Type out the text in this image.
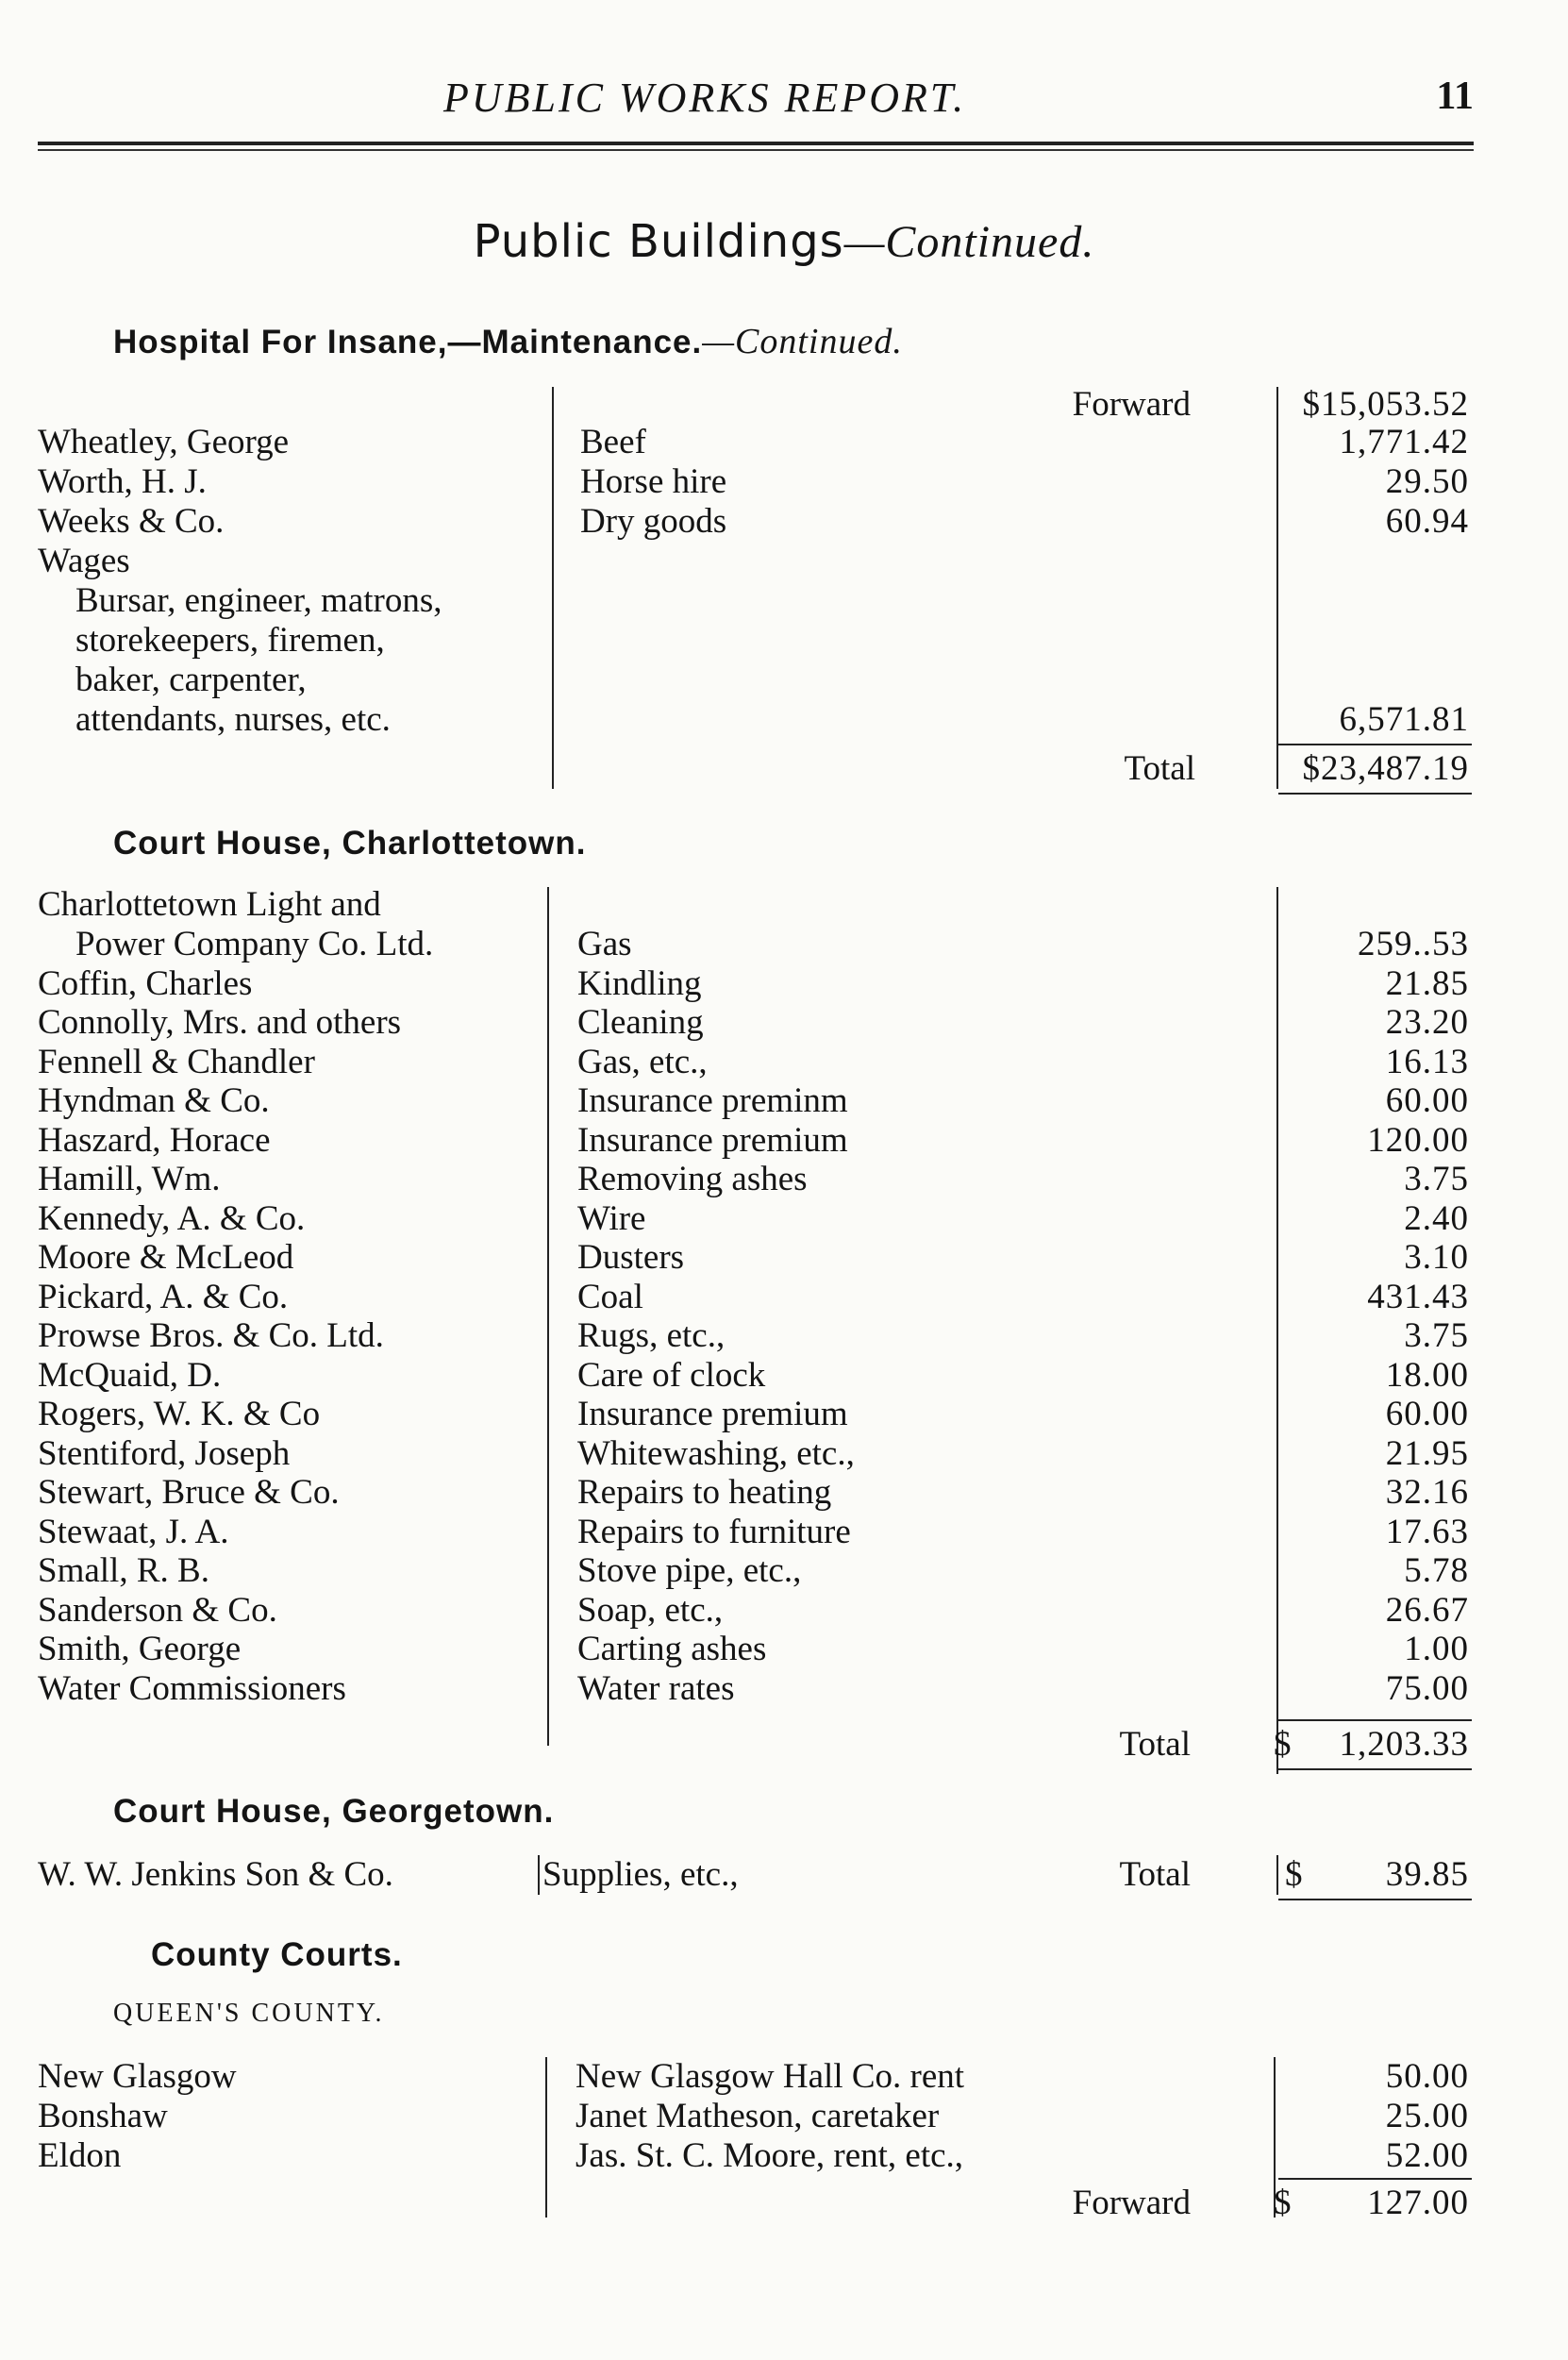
PUBLIC WORKS REPORT.	11
Public Buildings—Continued.
Hospital For Insane,—Maintenance.—Continued.
Forward	$15,053.52
Wheatley, George	Beef	1,771.42
Worth, H. J.	Horse hire	29.50
Weeks & Co.	Dry goods	60.94
Wages
Bursar, engineer, matrons,
storekeepers, firemen,
baker, carpenter,
attendants, nurses, etc.	6,571.81
Total	$23,487.19
Court House, Charlottetown.
Charlottetown Light and
Power Company Co. Ltd.	Gas	259..53
Coffin, Charles	Kindling	21.85
Connolly, Mrs. and others	Cleaning	23.20
Fennell & Chandler	Gas, etc.,	16.13
Hyndman & Co.	Insurance preminm	60.00
Haszard, Horace	Insurance premium	120.00
Hamill, Wm.	Removing ashes	3.75
Kennedy, A. & Co.	Wire	2.40
Moore & McLeod	Dusters	3.10
Pickard, A. & Co.	Coal	431.43
Prowse Bros. & Co. Ltd.	Rugs, etc.,	3.75
McQuaid, D.	Care of clock	18.00
Rogers, W. K. & Co	Insurance premium	60.00
Stentiford, Joseph	Whitewashing, etc.,	21.95
Stewart, Bruce & Co.	Repairs to heating	32.16
Stewaat, J. A.	Repairs to furniture	17.63
Small, R. B.	Stove pipe, etc.,	5.78
Sanderson & Co.	Soap, etc.,	26.67
Smith, George	Carting ashes	1.00
Water Commissioners	Water rates	75.00
Total $ 1,203.33
Court House, Georgetown.
W. W. Jenkins Son & Co.	Supplies, etc.,	Total	$ 39.85
County Courts.
QUEEN'S COUNTY.
New Glasgow	New Glasgow Hall Co. rent	50.00
Bonshaw	Janet Matheson, caretaker	25.00
Eldon	Jas. St. C. Moore, rent, etc.,	52.00
Forward $ 127.00
